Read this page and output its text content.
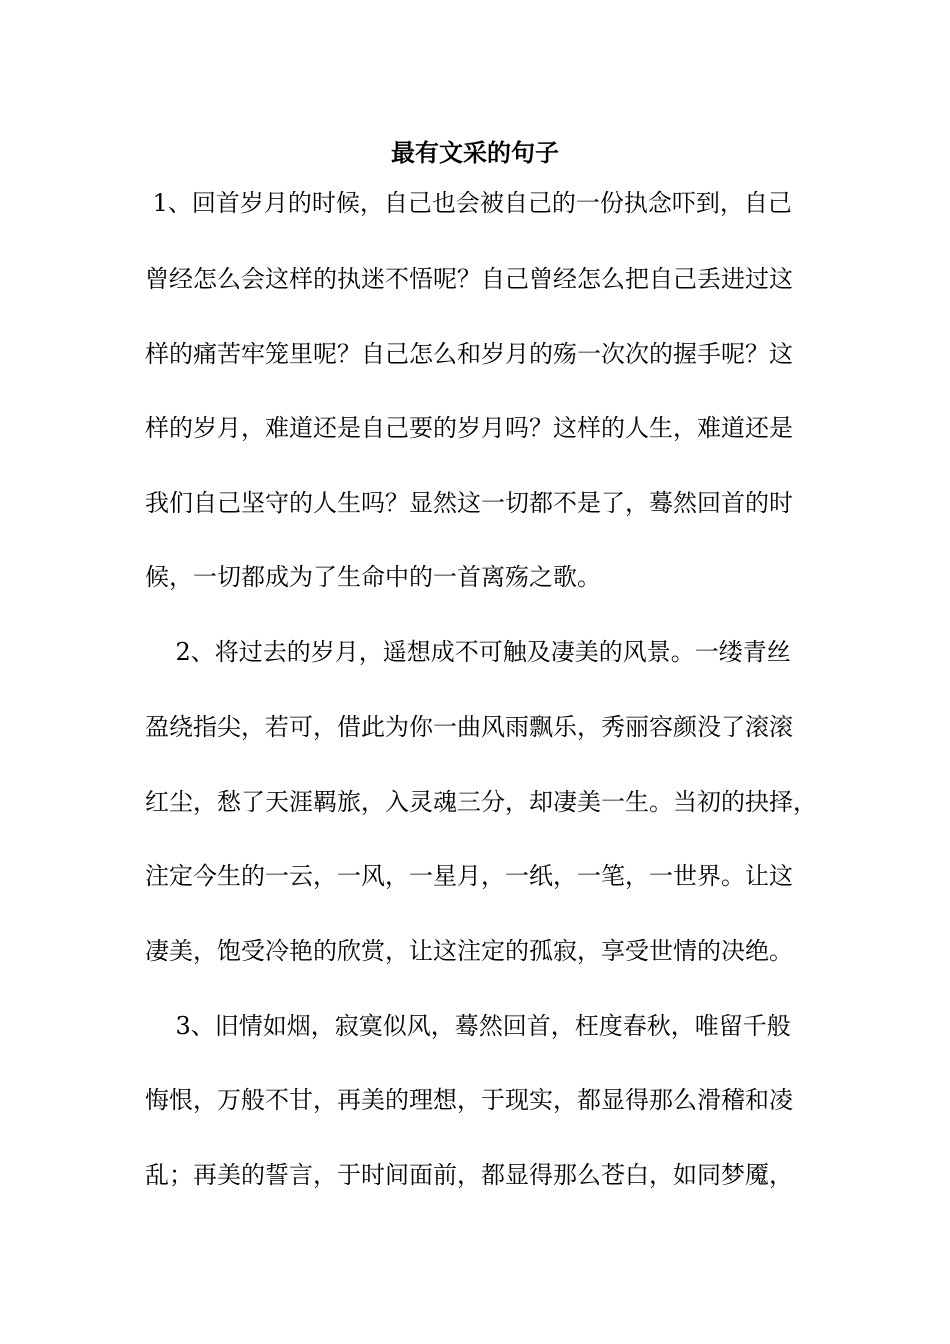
最有文采的句子
1、回首岁月的时候，自己也会被自己的一份执念吓到，自己
曾经怎么会这样的执迷不悟呢？自己曾经怎么把自己丢进过这
样的痛苦牢笼里呢？自己怎么和岁月的殇一次次的握手呢？这
样的岁月，难道还是自己要的岁月吗？这样的人生，难道还是
我们自己坚守的人生吗？显然这一切都不是了，蓦然回首的时
候，一切都成为了生命中的一首离殇之歌。
2、将过去的岁月，遥想成不可触及凄美的风景。一缕青丝
盈绕指尖，若可，借此为你一曲风雨飘乐，秀丽容颜没了滚滚
红尘，愁了天涯羁旅，入灵魂三分，却凄美一生。当初的抉择，
注定今生的一云，一风，一星月，一纸，一笔，一世界。让这
凄美，饱受冷艳的欣赏，让这注定的孤寂，享受世情的决绝。
3、旧情如烟，寂寞似风，蓦然回首，枉度春秋，唯留千般
悔恨，万般不甘，再美的理想，于现实，都显得那么滑稽和凌
乱；再美的誓言，于时间面前，都显得那么苍白，如同梦魇，
